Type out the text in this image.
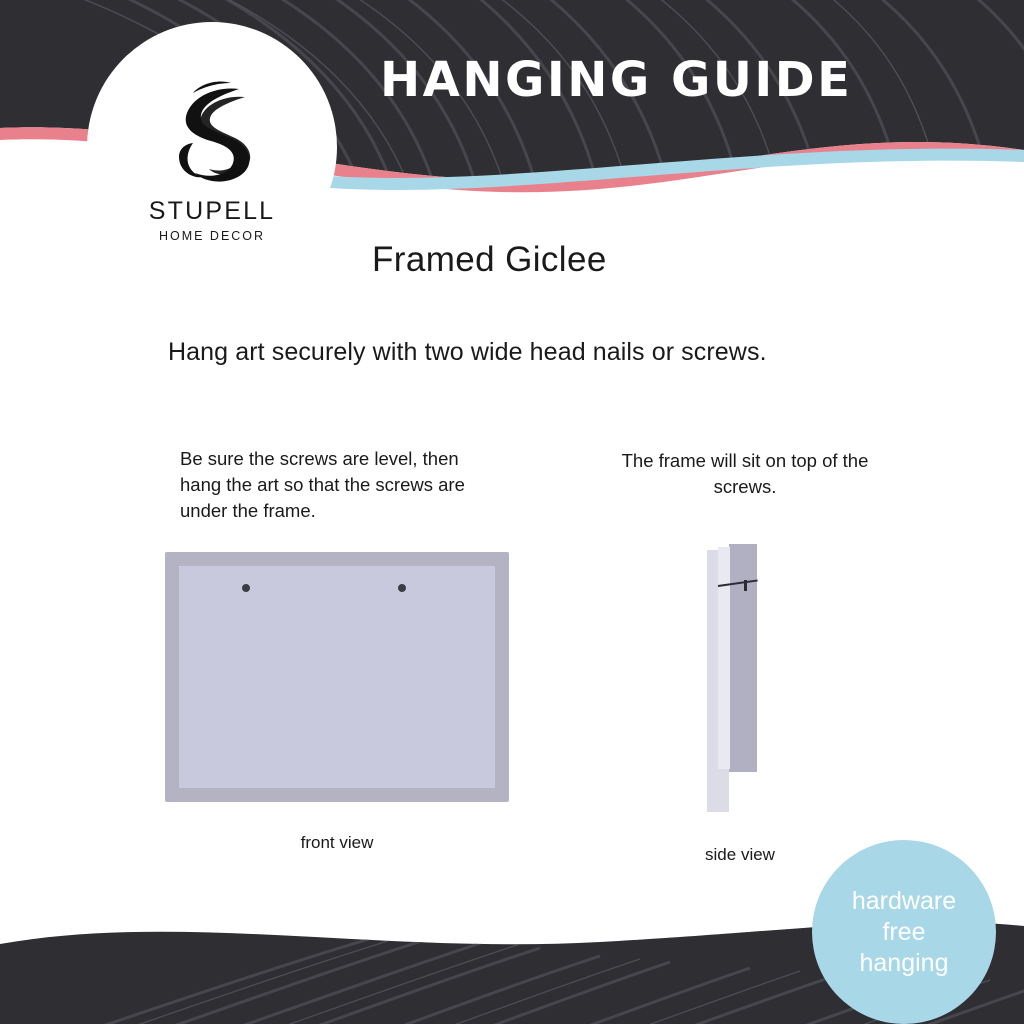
HANGING GUIDE
STUPELL
HOME DECOR
Framed Giclee
Hang art securely with two wide head nails or screws.
Be sure the screws are level, then hang the art so that the screws are under the frame.
The frame will sit on top of the screws.
front view
side view
hardware
free
hanging
